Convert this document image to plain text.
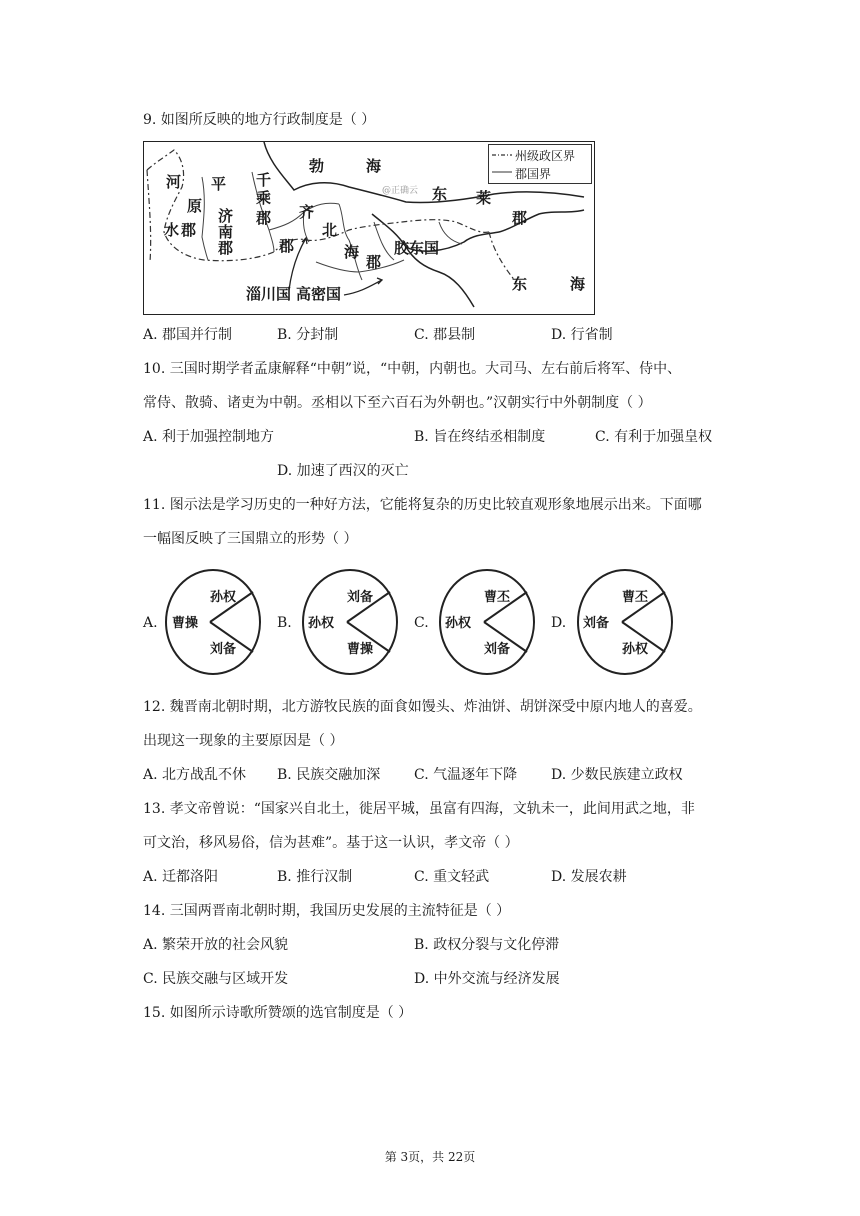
9. 如图所反映的地方行政制度是（ ）
州级政区界
郡国界
@正确云
河
水 郡
平
原
济
南
郡
千
乘
郡
勃	海
东 莱
郡
齐
郡
北
海
郡
胶东国
淄川国 高密国
东	海
A. 郡国并行制	B. 分封制	C. 郡县制	D. 行省制
10. 三国时期学者孟康解释“中朝”说，“中朝，内朝也。大司马、左右前后将军、侍中、
常侍、散骑、诸吏为中朝。丞相以下至六百石为外朝也。”汉朝实行中外朝制度（ ）
A. 利于加强控制地方	B. 旨在终结丞相制度	C. 有利于加强皇权
D. 加速了西汉的灭亡
11. 图示法是学习历史的一种好方法，它能将复杂的历史比较直观形象地展示出来。下面哪
一幅图反映了三国鼎立的形势（ ）
A.
孙权
曹操
刘备
B.
刘备
孙权
曹操
C.
曹丕
孙权
刘备
D.
曹丕
刘备
孙权
12. 魏晋南北朝时期，北方游牧民族的面食如馒头、炸油饼、胡饼深受中原内地人的喜爱。
出现这一现象的主要原因是（ ）
A. 北方战乱不休 B. 民族交融加深 C. 气温逐年下降 D. 少数民族建立政权
13. 孝文帝曾说：“国家兴自北土，徙居平城，虽富有四海，文轨未一，此间用武之地，非
可文治，移风易俗，信为甚难”。基于这一认识，孝文帝（ ）
A. 迁都洛阳	B. 推行汉制	C. 重文轻武	D. 发展农耕
14. 三国两晋南北朝时期，我国历史发展的主流特征是（ ）
A. 繁荣开放的社会风貌	B. 政权分裂与文化停滞
C. 民族交融与区域开发	D. 中外交流与经济发展
15. 如图所示诗歌所赞颂的选官制度是（ ）
第 3页，共 22页
